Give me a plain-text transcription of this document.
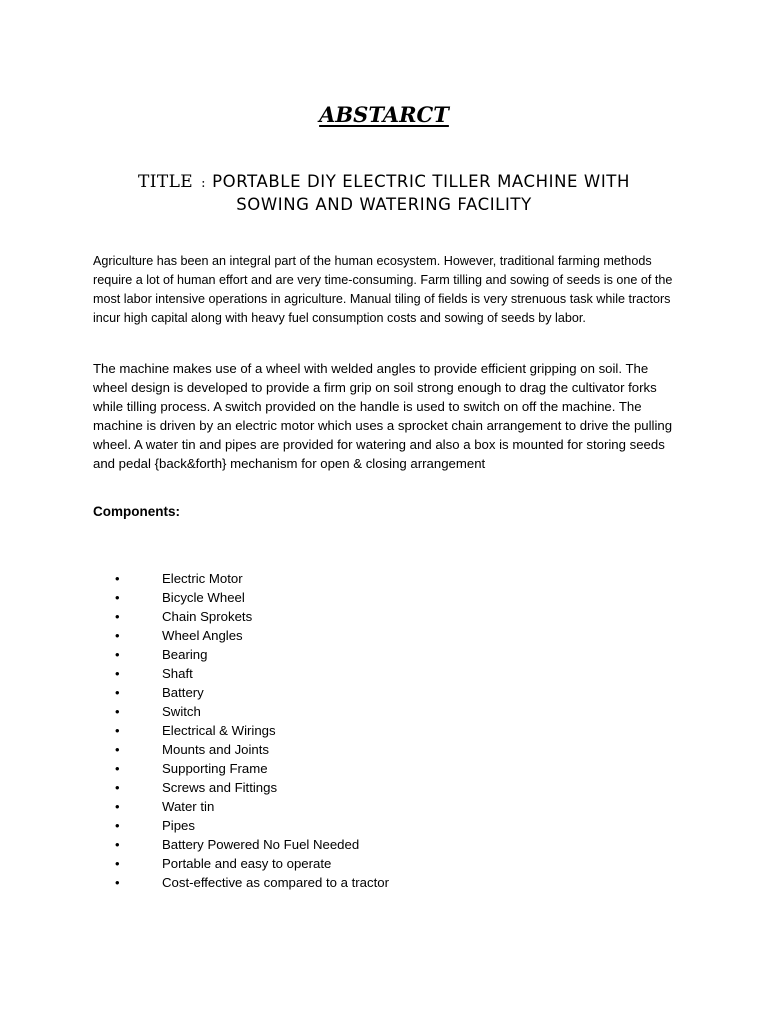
ABSTARCT
TITLE : PORTABLE DIY ELECTRIC TILLER MACHINE WITH SOWING AND WATERING FACILITY

Agriculture has been an integral part of the human ecosystem. However, traditional farming methods require a lot of human effort and are very time-consuming. Farm tilling and sowing of seeds is one of the most labor intensive operations in agriculture. Manual tiling of fields is very strenuous task while tractors incur high capital along with heavy fuel consumption costs and sowing of seeds by labor.

The machine makes use of a wheel with welded angles to provide efficient gripping on soil. The wheel design is developed to provide a firm grip on soil strong enough to drag the cultivator forks while tilling process. A switch provided on the handle is used to switch on off the machine. The machine is driven by an electric motor which uses a sprocket chain arrangement to drive the pulling wheel. A water tin and pipes are provided for watering and also a box is mounted for storing seeds and pedal {back&forth} mechanism for open & closing arrangement

Components:
•	Electric Motor
•	Bicycle Wheel
•	Chain Sprokets
•	Wheel Angles
•	Bearing
•	Shaft
•	Battery
•	Switch
•	Electrical & Wirings
•	Mounts and Joints
•	Supporting Frame
•	Screws and Fittings
•	Water tin
•	Pipes
•	Battery Powered No Fuel Needed
•	Portable and easy to operate
•	Cost-effective as compared to a tractor
